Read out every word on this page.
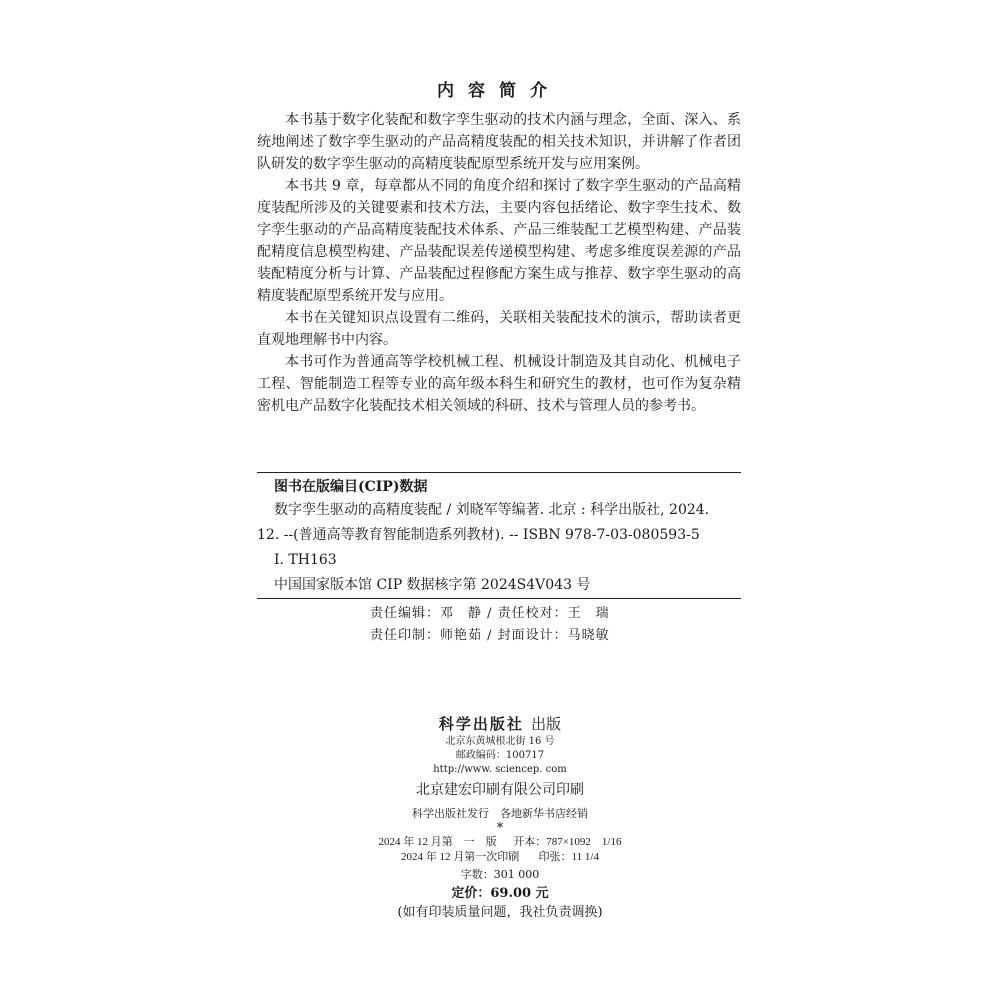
内容简介

本书基于数字化装配和数字孪生驱动的技术内涵与理念，全面、深入、系统地阐述了数字孪生驱动的产品高精度装配的相关技术知识，并讲解了作者团队研发的数字孪生驱动的高精度装配原型系统开发与应用案例。

本书共 9 章，每章都从不同的角度介绍和探讨了数字孪生驱动的产品高精度装配所涉及的关键要素和技术方法，主要内容包括绪论、数字孪生技术、数字孪生驱动的产品高精度装配技术体系、产品三维装配工艺模型构建、产品装配精度信息模型构建、产品装配误差传递模型构建、考虑多维度误差源的产品装配精度分析与计算、产品装配过程修配方案生成与推荐、数字孪生驱动的高精度装配原型系统开发与应用。

本书在关键知识点设置有二维码，关联相关装配技术的演示，帮助读者更直观地理解书中内容。

本书可作为普通高等学校机械工程、机械设计制造及其自动化、机械电子工程、智能制造工程等专业的高年级本科生和研究生的教材，也可作为复杂精密机电产品数字化装配技术相关领域的科研、技术与管理人员的参考书。

图书在版编目(CIP)数据

数字孪生驱动的高精度装配 / 刘晓军等编著. 北京 : 科学出版社, 2024.

12. --(普通高等教育智能制造系列教材). -- ISBN 978-7-03-080593-5

Ⅰ. TH163

中国国家版本馆 CIP 数据核字第 2024S4V043 号

责任编辑：邓　静 / 责任校对：王　瑞
责任印制：师艳茹 / 封面设计：马晓敏
科学出版社 出版
北京东黄城根北街 16 号
邮政编码：100717
http://www. sciencep. com
北京建宏印刷有限公司印刷
科学出版社发行　各地新华书店经销
*
2024 年 12 月第　一　版　  开本：787×1092　1/16
2024 年 12 月第一次印刷　   印张：11 1/4
字数：301 000
定价：69.00 元
(如有印装质量问题，我社负责调换)
